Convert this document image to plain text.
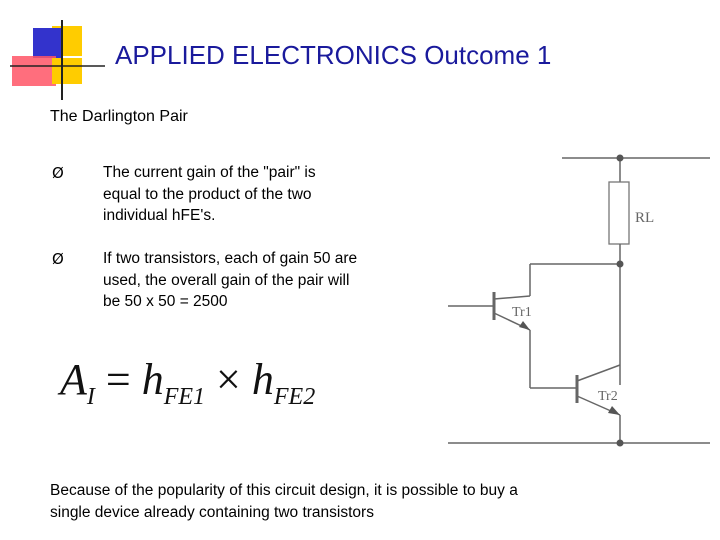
APPLIED ELECTRONICS Outcome 1
The Darlington Pair
Ø	The current gain of the "pair" is
equal to the product of the two
individual hFE's.
Ø	If two transistors, each of gain 50 are
used, the overall gain of the pair will
be 50 x 50 = 2500
$A_I = h_{FE1} \times h_{FE2}$
RL
Tr1
Tr2
Because of the popularity of this circuit design, it is possible to buy a
single device already containing two transistors
